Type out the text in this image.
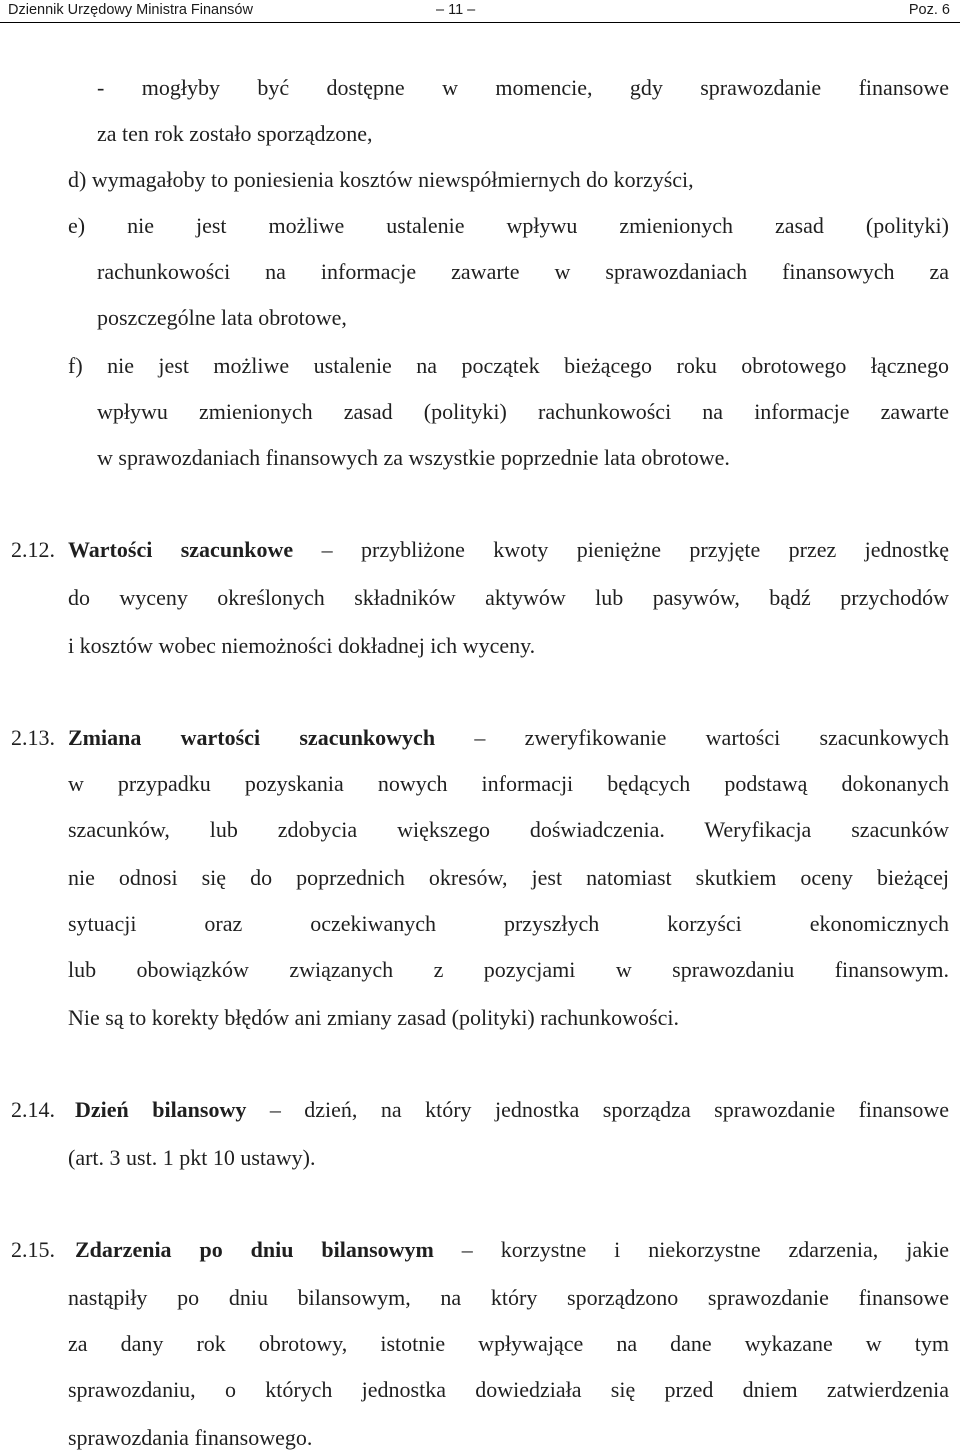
Dziennik Urzędowy Ministra Finansów	– 11 –	Poz. 6
- mogłyby być dostępne w momencie, gdy sprawozdanie finansowe
za ten rok zostało sporządzone,
d) wymagałoby to poniesienia kosztów niewspółmiernych do korzyści,
e) nie jest możliwe ustalenie wpływu zmienionych zasad (polityki)
rachunkowości na informacje zawarte w sprawozdaniach finansowych za
poszczególne lata obrotowe,
f) nie jest możliwe ustalenie na początek bieżącego roku obrotowego łącznego
wpływu zmienionych zasad (polityki) rachunkowości na informacje zawarte
w sprawozdaniach finansowych za wszystkie poprzednie lata obrotowe.
2.12. Wartości szacunkowe – przybliżone kwoty pieniężne przyjęte przez jednostkę
do wyceny określonych składników aktywów lub pasywów, bądź przychodów
i kosztów wobec niemożności dokładnej ich wyceny.
2.13. Zmiana wartości szacunkowych – zweryfikowanie wartości szacunkowych
w przypadku pozyskania nowych informacji będących podstawą dokonanych
szacunków, lub zdobycia większego doświadczenia. Weryfikacja szacunków
nie odnosi się do poprzednich okresów, jest natomiast skutkiem oceny bieżącej
sytuacji oraz oczekiwanych przyszłych korzyści ekonomicznych
lub obowiązków związanych z pozycjami w sprawozdaniu finansowym.
Nie są to korekty błędów ani zmiany zasad (polityki) rachunkowości.
2.14. Dzień bilansowy – dzień, na który jednostka sporządza sprawozdanie finansowe
(art. 3 ust. 1 pkt 10 ustawy).
2.15. Zdarzenia po dniu bilansowym – korzystne i niekorzystne zdarzenia, jakie
nastąpiły po dniu bilansowym, na który sporządzono sprawozdanie finansowe
za dany rok obrotowy, istotnie wpływające na dane wykazane w tym
sprawozdaniu, o których jednostka dowiedziała się przed dniem zatwierdzenia
sprawozdania finansowego.
